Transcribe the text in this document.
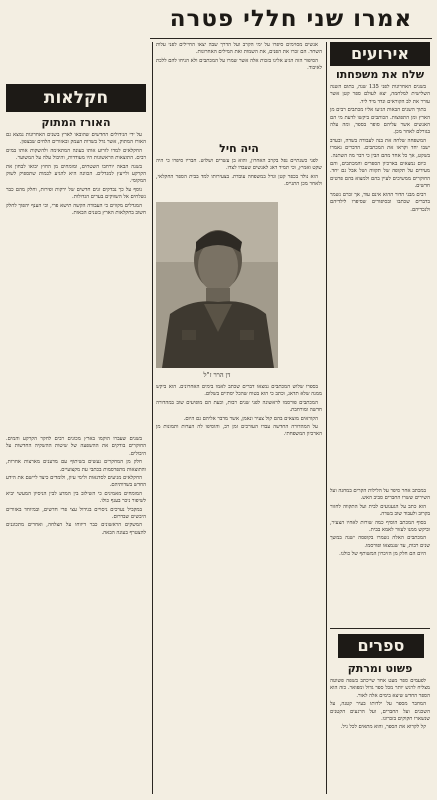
אמרו שני חללי פטרה
אירועים
שלח את משפחתו

בשנים האחרונות לפני 135 שנה, בתום השנה השלישית למלחמה, יצא לעולם ספר קטן אשר עורר את לב הקוראים ונדד מיד ליד.

בתוך השנים הבאות הגיעו אליו מכתבים רבים מן הארץ ומן התפוצות. הכותבים ביקשו לדעת מי הם האנשים אשר עליהם סופר בספר, ומה עלה בגורלם לאחר מכן.

המשפחה שלחה את בנה לעבודה בשדה, ובערב ישבו יחד וקראו את המכתבים. הדברים נאמרו בשקט, אך כל אחד מהם הבין כי דבר מה השתנה.

כיום נמצאים בארכיון הספרים והמכתבים, והם מעידים על תקופה של תקווה ושל אבל גם יחד. החוקרים ממשיכים לעיין בהם ולמצוא בהם פרטים חדשים.

רבים מבני הדור ההוא אינם עוד, אך זכרם נשמר בדברים שכתבו ובסיפורים שסיפרו לילדיהם ולנכדיהם.

במכתב אחר סיפר על הלילות הקרים במחנה ועל השירים ששרו החברים סביב האש.

הוא כתב על הגעגועים לבית ועל התקווה לחזור בקרוב ולעבוד שוב בשדה.

בסוף המכתב הוסיף כמה שורות לאחיו הצעיר, וביקש ממנו לעזור לאמא בבית.

המכתבים האלה נשמרו בקופסה ישנה במשך שנים רבות, עד שנמצאו ופורסמו.

היום הם חלק מן הזיכרון המשותף של כולנו.

ספרים
פשוט ומרתק

לפעמים ספר מעט אחד שייכתב בשפה פשוטה מצליח לרגש יותר מכל ספר גדול ומפואר. כזה הוא הספר החדש שיצא בימים אלה לאור.

המחבר מספר על ילדותו בעיר קטנה, על השכנים ועל החברים, ועל הרגעים הקטנים שנשארו חקוקים בזכרונו.

קל לקרוא את הספר, והוא מתאים לכל גיל.

אנשים מסוימים סיפרו על ימי הקרב ועל הדרך שבה יצאו החיילים לפני עלות השחר. הם זכרו את הפנים, את השמות ואת המילים האחרונות.

הסיפור הזה הגיע אלינו בזכות אלה אשר שמרו על המכתבים ולא הניחו להם ללכת לאיבוד.

היה חיל

לפני כשנתיים נפל בקרב האחרון, והוא בן עשרים ושלוש. חבריו סיפרו כי היה שקט ואמיץ, וכי תמיד דאג לאנשים שעבדו לצדו.

הוא נולד בכפר קטן וגדל במשפחה עובדת. בצעירותו למד בבית הספר החקלאי, ולאחר מכן התגייס.

דן הרר ז"ל

בספרו שלוש המכתבים נמצאו דברים שכתב לאמו בימים האחרונים. הוא ביקש ממנה שלא תדאג, וכתב כי הוא בטוח שהכל יסתיים בשלום.

המכתבים פורסמו לראשונה לפני שנים רבות, וכעת הם מופיעים שוב במהדורה חדשה ומורחבת.

הקוראים מוצאים בהם קול צעיר ונאמן, אשר מדבר אליהם גם היום.

על המהדורה החדשה עבדו העורכים זמן רב, והוסיפו לה הערות ותמונות מן הארכיון המשפחתי.

חקלאות
האורז המתוק

על ידי הגידולים החדשים שהובאו לארץ בשנים האחרונות נמצא גם האורז המתוק, אשר גדל בשדות העמק ובאזורים הלחים שבצפון.

החקלאים למדו לזרוע אותו בעונה המתאימה ולהשקות אותו במים רבים. התוצאות הראשונות היו מעודדות, והיבול עלה על המשוער.

בשנה הבאה יורחבו השטחים, ומומחים מן החוץ יבואו לבחון את הקרקע ולייעץ למגדלים. הכוונה היא להגיע לכמות שתספיק לשוק המקומי.

נוסף על כך נבדקים זנים חדשים של ירקות ופירות, וחלק מהם כבר נשלחים אל השווקים בערים הגדולות.

המגדלים מקווים כי העבודה הקשה תישא פרי, וכי הענף יהפוך לחלק חשוב בחקלאות הארץ בשנים הבאות.

בשנים שעברו הוקמו בארץ מכונים רבים לחקר הקרקע והמים. החוקרים בודקים את ההשפעה של שיטות ההשקיה החדשות על היבולים.

חלק מן המחקרים נעשים בשיתוף עם מדענים מארצות אחרות, והתוצאות מתפרסמות בכתבי עת מקצועיים.

החקלאים מגיעים לסדנאות ולימי עיון, ולומדים כיצד ליישם את הידע החדש בשדותיהם.

המומחים מאמינים כי השילוב בין המדע לבין הניסיון המעשי יביא לשיפור ניכר בענף כולו.

במקביל נערכים ניסויים בגידול עצי פרי חדשים, ובמיוחד באזורים היבשים שבדרום.

המשקים הראשונים כבר דיווחו על הצלחה, ואחרים מתכוננים להצטרף בעונה הבאה.
